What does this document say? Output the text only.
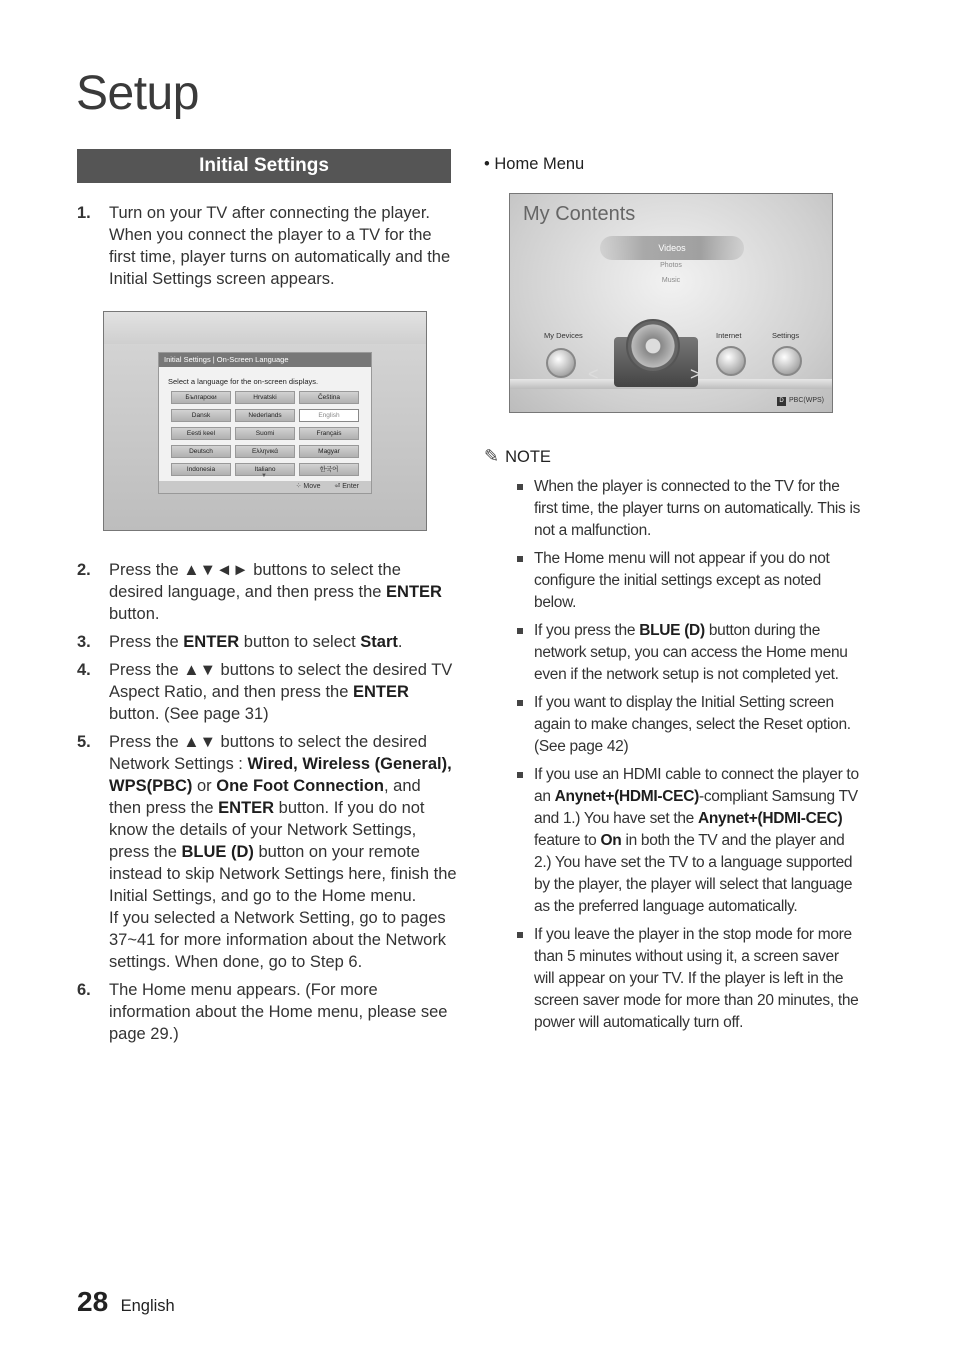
Setup
Initial Settings
1. Turn on your TV after connecting the player. When you connect the player to a TV for the first time, player turns on automatically and the Initial Settings screen appears.
Initial Settings | On-Screen Language
Select a language for the on-screen displays.
Български	Hrvatski	Čeština
Dansk	Nederlands	English
Eesti keel	Suomi	Français
Deutsch	Ελληνικά	Magyar
Indonesia	Italiano	한국어
▼
⁘ Move ⏎ Enter
2. Press the ▲▼◄► buttons to select the desired language, and then press the ENTER button.
3. Press the ENTER button to select Start.
4. Press the ▲▼ buttons to select the desired TV Aspect Ratio, and then press the ENTER button. (See page 31)
5. Press the ▲▼ buttons to select the desired Network Settings : Wired, Wireless (General), WPS(PBC) or One Foot Connection, and then press the ENTER button. If you do not know the details of your Network Settings, press the BLUE (D) button on your remote instead to skip Network Settings here, finish the Initial Settings, and go to the Home menu.
If you selected a Network Setting, go to pages 37~41 for more information about the Network settings. When done, go to Step 6.
6. The Home menu appears. (For more information about the Home menu, please see page 29.)
• Home Menu
My Contents
Videos
Photos
Music
My Devices	Internet	Settings
<	>
D PBC(WPS)
✎ NOTE
When the player is connected to the TV for the first time, the player turns on automatically. This is not a malfunction.
The Home menu will not appear if you do not configure the initial settings except as noted below.
If you press the BLUE (D) button during the network setup, you can access the Home menu even if the network setup is not completed yet.
If you want to display the Initial Setting screen again to make changes, select the Reset option. (See page 42)
If you use an HDMI cable to connect the player to an Anynet+(HDMI-CEC)-compliant Samsung TV and 1.) You have set the Anynet+(HDMI-CEC) feature to On in both the TV and the player and 2.) You have set the TV to a language supported by the player, the player will select that language as the preferred language automatically.
If you leave the player in the stop mode for more than 5 minutes without using it, a screen saver will appear on your TV. If the player is left in the screen saver mode for more than 20 minutes, the power will automatically turn off.
28 English
